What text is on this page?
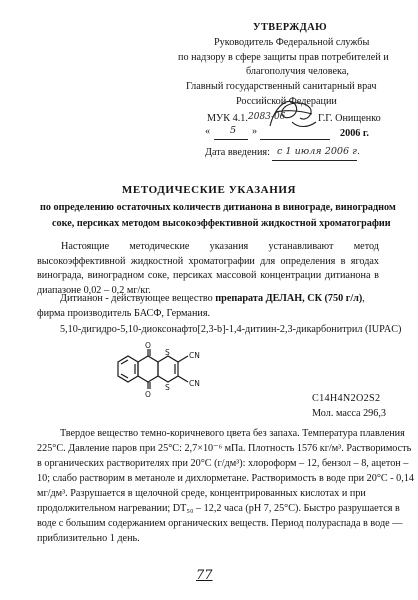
УТВЕРЖДАЮ
Руководитель Федеральной службы
по надзору в сфере защиты прав потребителей и
благополучия человека,
Главный государственный санитарный врач
Российской Федерации
МУК 4.1. 2083-06	Г.Г. Онищенко
« 5 »	2006 г.
Дата введения: с 1 июля 2006 г.
МЕТОДИЧЕСКИЕ УКАЗАНИЯ
по определению остаточных количеств дитианона в винограде, виноградном
соке, персиках методом высокоэффективной жидкостной хроматографии
Настоящие методические указания устанавливают метод высокоэффективной жидкостной хроматографии для определения в ягодах винограда, виноградном соке, персиках массовой концентрации дитианона в диапазоне 0,02 – 0,2 мг/кг.
Дитианон - действующее вещество препарата ДЕЛАН, СК (750 г/л),
фирма производитель БАСФ, Германия.
5,10-дигидро-5,10-диоксонафто[2,3-b]-1,4-дитиин-2,3-дикарбонитрил (IUPAC)
O
O
S
S
CN
CN
C14H4N2O2S2
Мол. масса 296,3
Твердое вещество темно-коричневого цвета без запаха. Температура плавления
225°С. Давление паров при 25°С: 2,7×10⁻⁶ мПа. Плотность 1576 кг/м³. Растворимость
в органических растворителях при 20°С (г/дм³): хлороформ – 12, бензол – 8, ацетон –
10; слабо растворим в метаноле и дихлорметане. Растворимость в воде при 20°С - 0,14
мг/дм³. Разрушается в щелочной среде, концентрированных кислотах и при
продолжительном нагревании; DT₅₀ – 12,2 часа (pH 7, 25°С). Быстро разрушается в
воде с большим содержанием органических веществ. Период полураспада в воде —
приблизительно 1 день.
77
